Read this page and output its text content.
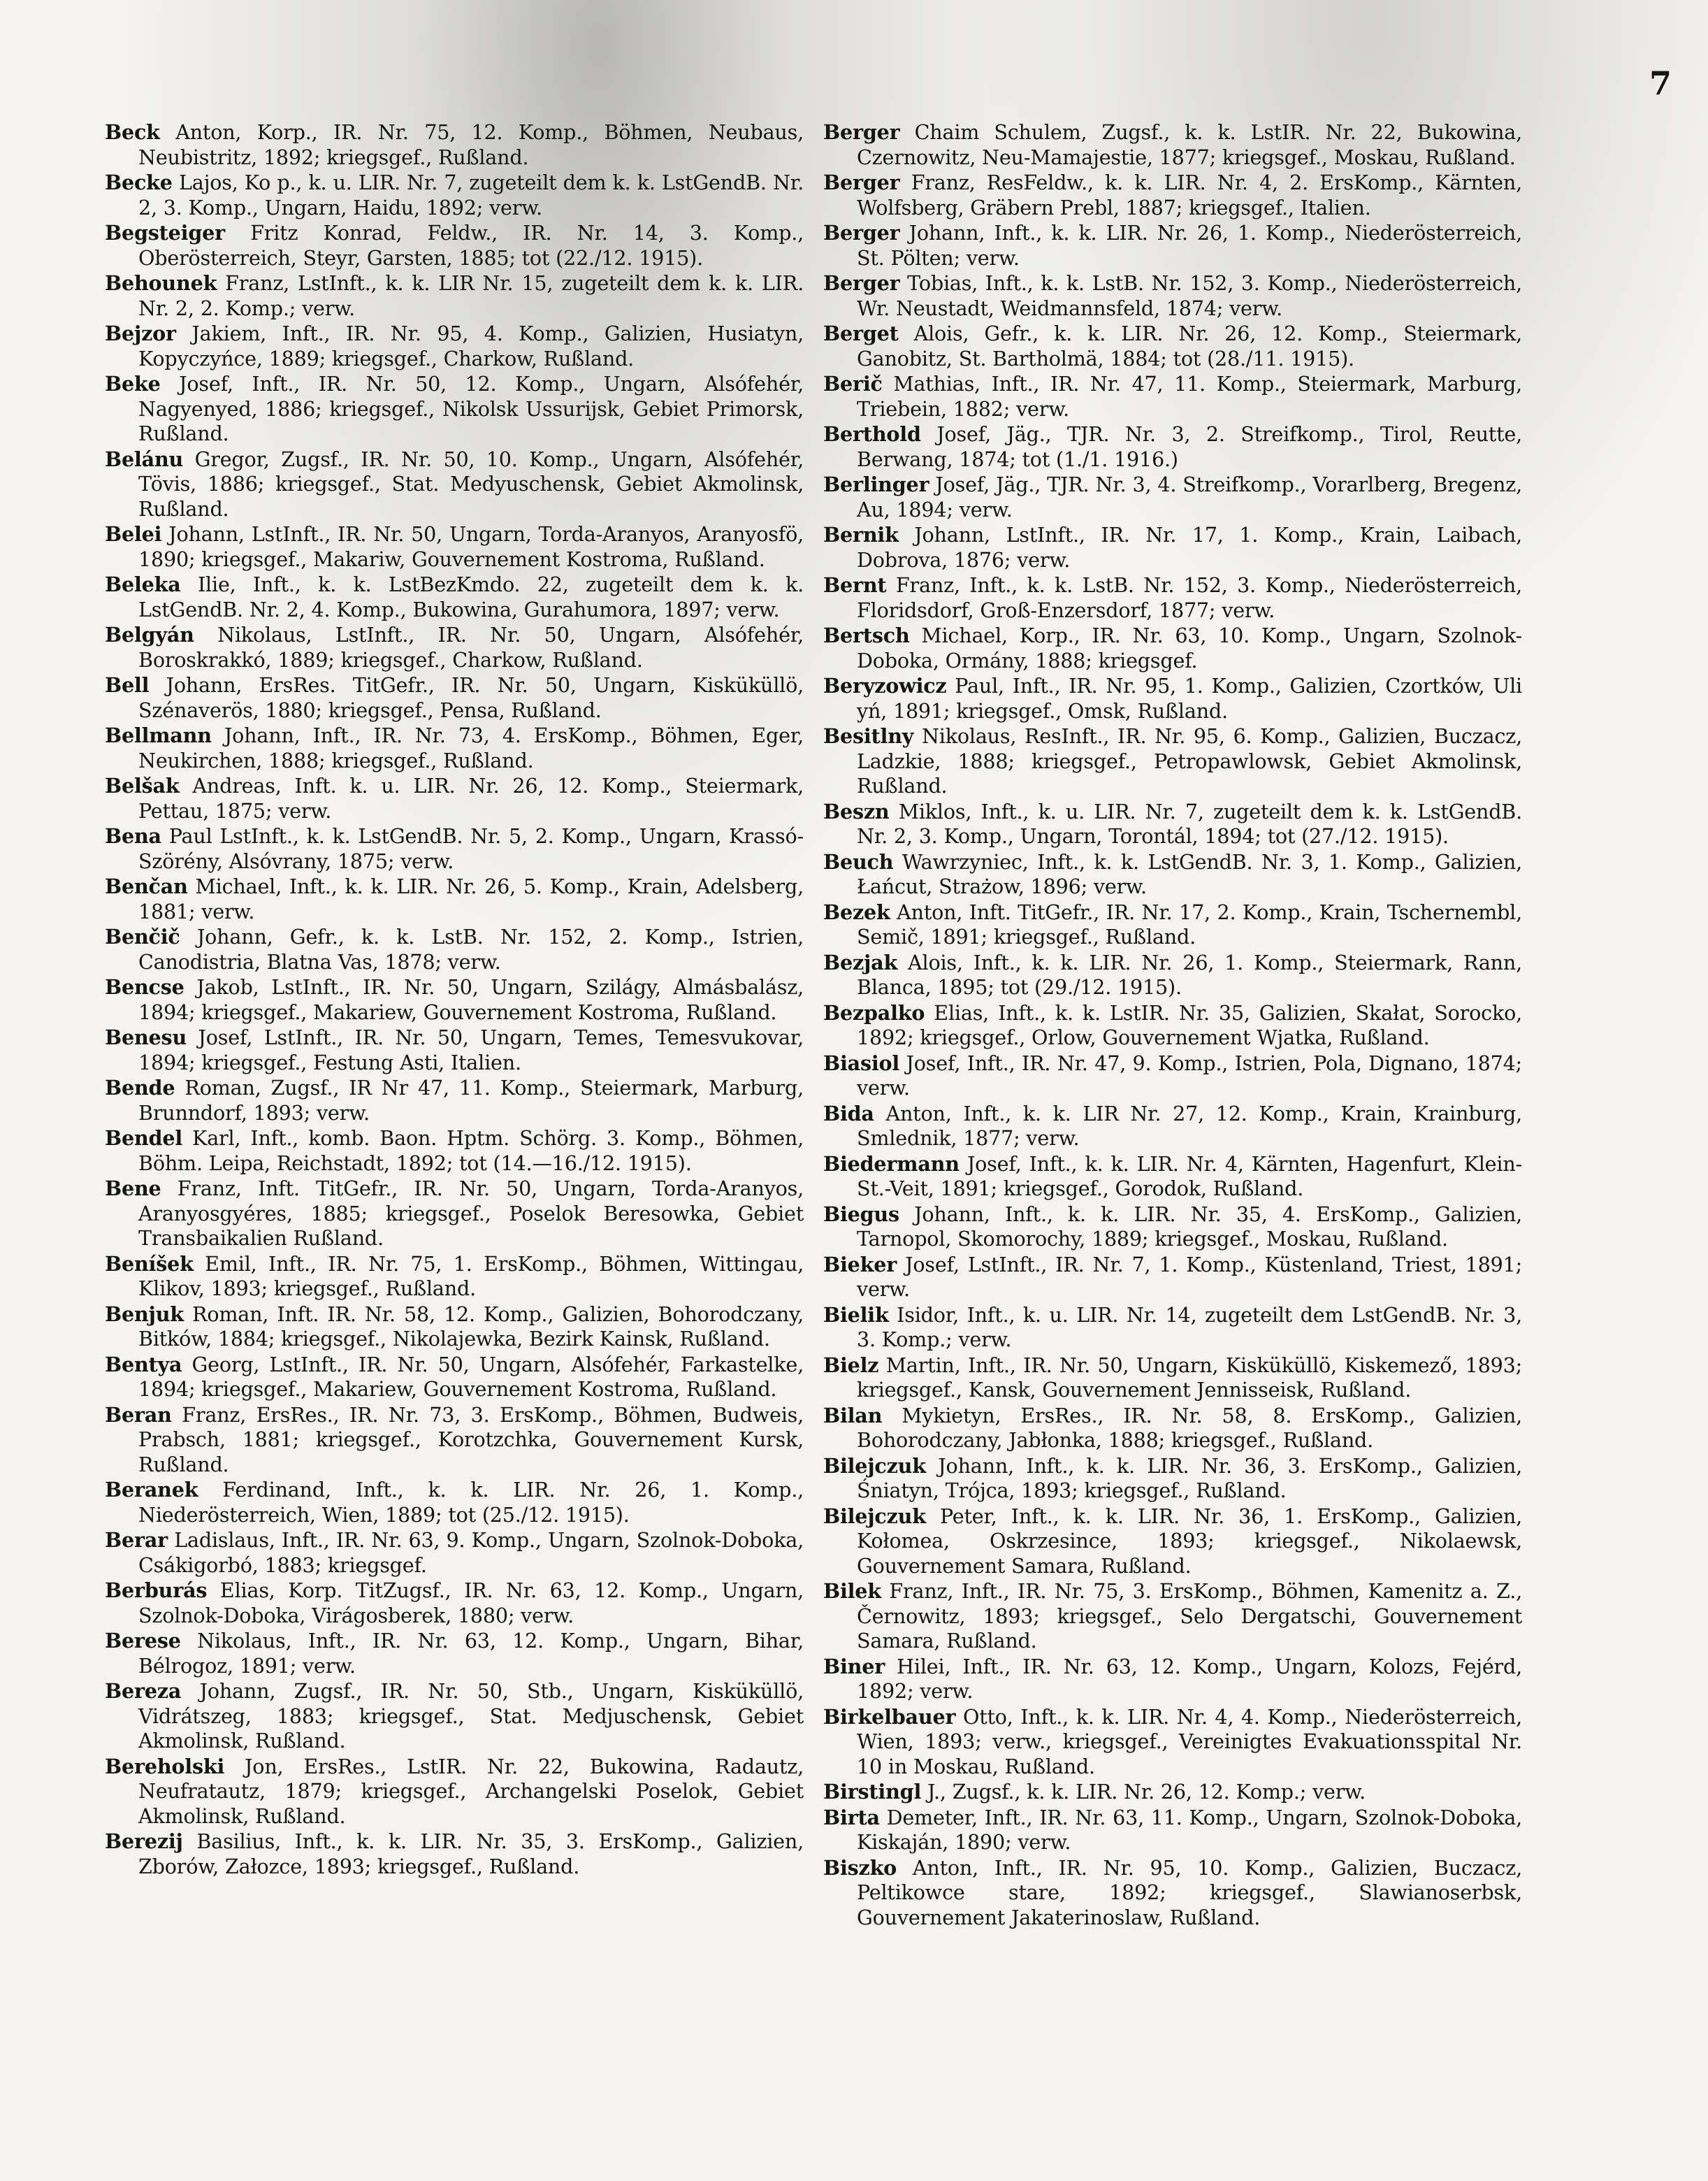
7

Beck Anton, Korp., IR. Nr. 75, 12. Komp., Böhmen, Neubaus, Neubistritz, 1892; kriegsgef., Rußland.

Becke Lajos, Ko p., k. u. LIR. Nr. 7, zugeteilt dem k. k. LstGendB. Nr. 2, 3. Komp., Ungarn, Haidu, 1892; verw.

Begsteiger Fritz Konrad, Feldw., IR. Nr. 14, 3. Komp., Oberösterreich, Steyr, Garsten, 1885; tot (22./12. 1915).

Behounek Franz, LstInft., k. k. LIR Nr. 15, zugeteilt dem k. k. LIR. Nr. 2, 2. Komp.; verw.

Bejzor Jakiem, Inft., IR. Nr. 95, 4. Komp., Galizien, Husiatyn, Kopyczyńce, 1889; kriegsgef., Charkow, Rußland.

Beke Josef, Inft., IR. Nr. 50, 12. Komp., Ungarn, Alsófehér, Nagyenyed, 1886; kriegsgef., Nikolsk Ussurijsk, Gebiet Primorsk, Rußland.

Belánu Gregor, Zugsf., IR. Nr. 50, 10. Komp., Ungarn, Alsófehér, Tövis, 1886; kriegsgef., Stat. Medyuschensk, Gebiet Akmolinsk, Rußland.

Belei Johann, LstInft., IR. Nr. 50, Ungarn, Torda-Aranyos, Aranyosfö, 1890; kriegsgef., Makariw, Gouvernement Kostroma, Rußland.

Beleka Ilie, Inft., k. k. LstBezKmdo. 22, zugeteilt dem k. k. LstGendB. Nr. 2, 4. Komp., Bukowina, Gurahumora, 1897; verw.

Belgyán Nikolaus, LstInft., IR. Nr. 50, Ungarn, Alsófehér, Boroskrakkó, 1889; kriegsgef., Charkow, Rußland.

Bell Johann, ErsRes. TitGefr., IR. Nr. 50, Ungarn, Kisküküllö, Szénaverös, 1880; kriegsgef., Pensa, Rußland.

Bellmann Johann, Inft., IR. Nr. 73, 4. ErsKomp., Böhmen, Eger, Neukirchen, 1888; kriegsgef., Rußland.

Belšak Andreas, Inft. k. u. LIR. Nr. 26, 12. Komp., Steiermark, Pettau, 1875; verw.

Bena Paul LstInft., k. k. LstGendB. Nr. 5, 2. Komp., Ungarn, Krassó-Szörény, Alsóvrany, 1875; verw.

Benčan Michael, Inft., k. k. LIR. Nr. 26, 5. Komp., Krain, Adelsberg, 1881; verw.

Benčič Johann, Gefr., k. k. LstB. Nr. 152, 2. Komp., Istrien, Canodistria, Blatna Vas, 1878; verw.

Bencse Jakob, LstInft., IR. Nr. 50, Ungarn, Szilágy, Almásbalász, 1894; kriegsgef., Makariew, Gouvernement Kostroma, Rußland.

Benesu Josef, LstInft., IR. Nr. 50, Ungarn, Temes, Temesvukovar, 1894; kriegsgef., Festung Asti, Italien.

Bende Roman, Zugsf., IR Nr 47, 11. Komp., Steiermark, Marburg, Brunndorf, 1893; verw.

Bendel Karl, Inft., komb. Baon. Hptm. Schörg. 3. Komp., Böhmen, Böhm. Leipa, Reichstadt, 1892; tot (14.—16./12. 1915).

Bene Franz, Inft. TitGefr., IR. Nr. 50, Ungarn, Torda-Aranyos, Aranyosgyéres, 1885; kriegsgef., Poselok Beresowka, Gebiet Transbaikalien Rußland.

Beníšek Emil, Inft., IR. Nr. 75, 1. ErsKomp., Böhmen, Wittingau, Klikov, 1893; kriegsgef., Rußland.

Benjuk Roman, Inft. IR. Nr. 58, 12. Komp., Galizien, Bohorodczany, Bitków, 1884; kriegsgef., Nikolajewka, Bezirk Kainsk, Rußland.

Bentya Georg, LstInft., IR. Nr. 50, Ungarn, Alsófehér, Farkastelke, 1894; kriegsgef., Makariew, Gouvernement Kostroma, Rußland.

Beran Franz, ErsRes., IR. Nr. 73, 3. ErsKomp., Böhmen, Budweis, Prabsch, 1881; kriegsgef., Korotzchka, Gouvernement Kursk, Rußland.

Beranek Ferdinand, Inft., k. k. LIR. Nr. 26, 1. Komp., Niederösterreich, Wien, 1889; tot (25./12. 1915).

Berar Ladislaus, Inft., IR. Nr. 63, 9. Komp., Ungarn, Szolnok-Doboka, Csákigorbó, 1883; kriegsgef.

Berburás Elias, Korp. TitZugsf., IR. Nr. 63, 12. Komp., Ungarn, Szolnok-Doboka, Virágosberek, 1880; verw.

Berese Nikolaus, Inft., IR. Nr. 63, 12. Komp., Ungarn, Bihar, Bélrogoz, 1891; verw.

Bereza Johann, Zugsf., IR. Nr. 50, Stb., Ungarn, Kisküküllö, Vidrátszeg, 1883; kriegsgef., Stat. Medjuschensk, Gebiet Akmolinsk, Rußland.

Bereholski Jon, ErsRes., LstIR. Nr. 22, Bukowina, Radautz, Neufratautz, 1879; kriegsgef., Archangelski Poselok, Gebiet Akmolinsk, Rußland.

Berezij Basilius, Inft., k. k. LIR. Nr. 35, 3. ErsKomp., Galizien, Zborów, Załozce, 1893; kriegsgef., Rußland.

Berger Chaim Schulem, Zugsf., k. k. LstIR. Nr. 22, Bukowina, Czernowitz, Neu-Mamajestie, 1877; kriegsgef., Moskau, Rußland.

Berger Franz, ResFeldw., k. k. LIR. Nr. 4, 2. ErsKomp., Kärnten, Wolfsberg, Gräbern Prebl, 1887; kriegsgef., Italien.

Berger Johann, Inft., k. k. LIR. Nr. 26, 1. Komp., Niederösterreich, St. Pölten; verw.

Berger Tobias, Inft., k. k. LstB. Nr. 152, 3. Komp., Niederösterreich, Wr. Neustadt, Weidmannsfeld, 1874; verw.

Berget Alois, Gefr., k. k. LIR. Nr. 26, 12. Komp., Steiermark, Ganobitz, St. Bartholmä, 1884; tot (28./11. 1915).

Berič Mathias, Inft., IR. Nr. 47, 11. Komp., Steiermark, Marburg, Triebein, 1882; verw.

Berthold Josef, Jäg., TJR. Nr. 3, 2. Streifkomp., Tirol, Reutte, Berwang, 1874; tot (1./1. 1916.)

Berlinger Josef, Jäg., TJR. Nr. 3, 4. Streifkomp., Vorarlberg, Bregenz, Au, 1894; verw.

Bernik Johann, LstInft., IR. Nr. 17, 1. Komp., Krain, Laibach, Dobrova, 1876; verw.

Bernt Franz, Inft., k. k. LstB. Nr. 152, 3. Komp., Niederösterreich, Floridsdorf, Groß-Enzersdorf, 1877; verw.

Bertsch Michael, Korp., IR. Nr. 63, 10. Komp., Ungarn, Szolnok-Doboka, Ormány, 1888; kriegsgef.

Beryzowicz Paul, Inft., IR. Nr. 95, 1. Komp., Galizien, Czortków, Uli yń, 1891; kriegsgef., Omsk, Rußland.

Besitlny Nikolaus, ResInft., IR. Nr. 95, 6. Komp., Galizien, Buczacz, Ladzkie, 1888; kriegsgef., Petropawlowsk, Gebiet Akmolinsk, Rußland.

Beszn Miklos, Inft., k. u. LIR. Nr. 7, zugeteilt dem k. k. LstGendB. Nr. 2, 3. Komp., Ungarn, Torontál, 1894; tot (27./12. 1915).

Beuch Wawrzyniec, Inft., k. k. LstGendB. Nr. 3, 1. Komp., Galizien, Łańcut, Strażow, 1896; verw.

Bezek Anton, Inft. TitGefr., IR. Nr. 17, 2. Komp., Krain, Tschernembl, Semič, 1891; kriegsgef., Rußland.

Bezjak Alois, Inft., k. k. LIR. Nr. 26, 1. Komp., Steiermark, Rann, Blanca, 1895; tot (29./12. 1915).

Bezpalko Elias, Inft., k. k. LstIR. Nr. 35, Galizien, Skałat, Sorocko, 1892; kriegsgef., Orlow, Gouvernement Wjatka, Rußland.

Biasiol Josef, Inft., IR. Nr. 47, 9. Komp., Istrien, Pola, Dignano, 1874; verw.

Bida Anton, Inft., k. k. LIR Nr. 27, 12. Komp., Krain, Krainburg, Smlednik, 1877; verw.

Biedermann Josef, Inft., k. k. LIR. Nr. 4, Kärnten, Hagenfurt, Klein-St.-Veit, 1891; kriegsgef., Gorodok, Rußland.

Biegus Johann, Inft., k. k. LIR. Nr. 35, 4. ErsKomp., Galizien, Tarnopol, Skomorochy, 1889; kriegsgef., Moskau, Rußland.

Bieker Josef, LstInft., IR. Nr. 7, 1. Komp., Küstenland, Triest, 1891; verw.

Bielik Isidor, Inft., k. u. LIR. Nr. 14, zugeteilt dem LstGendB. Nr. 3, 3. Komp.; verw.

Bielz Martin, Inft., IR. Nr. 50, Ungarn, Kisküküllö, Kiskemező, 1893; kriegsgef., Kansk, Gouvernement Jennisseisk, Rußland.

Bilan Mykietyn, ErsRes., IR. Nr. 58, 8. ErsKomp., Galizien, Bohorodczany, Jabłonka, 1888; kriegsgef., Rußland.

Bilejczuk Johann, Inft., k. k. LIR. Nr. 36, 3. ErsKomp., Galizien, Śniatyn, Trójca, 1893; kriegsgef., Rußland.

Bilejczuk Peter, Inft., k. k. LIR. Nr. 36, 1. ErsKomp., Galizien, Kołomea, Oskrzesince, 1893; kriegsgef., Nikolaewsk, Gouvernement Samara, Rußland.

Bilek Franz, Inft., IR. Nr. 75, 3. ErsKomp., Böhmen, Kamenitz a. Z., Černowitz, 1893; kriegsgef., Selo Dergatschi, Gouvernement Samara, Rußland.

Biner Hilei, Inft., IR. Nr. 63, 12. Komp., Ungarn, Kolozs, Fejérd, 1892; verw.

Birkelbauer Otto, Inft., k. k. LIR. Nr. 4, 4. Komp., Niederösterreich, Wien, 1893; verw., kriegsgef., Vereinigtes Evakuationsspital Nr. 10 in Moskau, Rußland.

Birstingl J., Zugsf., k. k. LIR. Nr. 26, 12. Komp.; verw.

Birta Demeter, Inft., IR. Nr. 63, 11. Komp., Ungarn, Szolnok-Doboka, Kiskaján, 1890; verw.

Biszko Anton, Inft., IR. Nr. 95, 10. Komp., Galizien, Buczacz, Peltikowce stare, 1892; kriegsgef., Slawianoserbsk, Gouvernement Jakaterinoslaw, Rußland.
